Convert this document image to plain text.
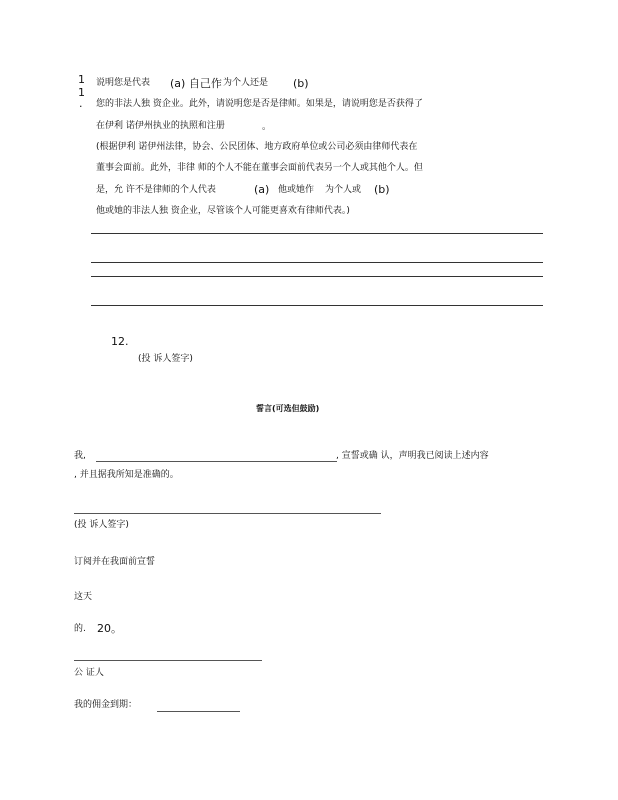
1
1
.
说明您是代表 (a) 自己作 为个人还是 (b)
您的非法人独 资企业。此外，请说明您是否是律师。如果是，请说明您是否获得了
在伊利 诺伊州执业的执照和注册	。
(根据伊利 诺伊州法律，协会、公民团体、地方政府单位或公司必须由律师代表在
董事会面前。此外，非律 师的个人不能在董事会面前代表另一个人或其他个人。但
是，允 许不是律师的个人代表	(a) 他或她作 为个人或 (b)
他或她的非法人独 资企业，尽管该个人可能更喜欢有律师代表。)
12.
(投 诉人签字)
誓言(可选但鼓励)
我,	, 宣誓或确 认，声明我已阅读上述内容
, 并且据我所知是准确的。
(投 诉人签字)
订阅并在我面前宣誓
这天
的. 20。
公 证人
我的佣金到期：
